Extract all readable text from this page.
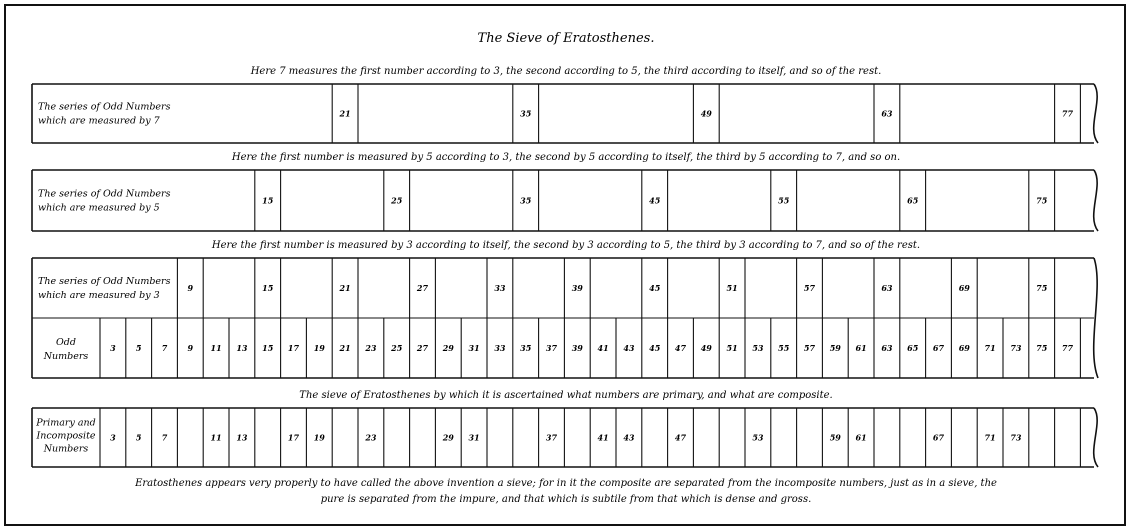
The Sieve of Eratosthenes.
Here 7 measures the first number according to 3, the second according to 5, the third according to itself, and so of the rest.
The series of Odd Numbers
which are measured by 7
21	35	49	63	77
Here the first number is measured by 5 according to 3, the second by 5 according to itself, the third by 5 according to 7, and so on.
The series of Odd Numbers
which are measured by 5
15	25	35	45	55	65	75
Here the first number is measured by 3 according to itself, the second by 3 according to 5, the third by 3 according to 7, and so of the rest.
The series of Odd Numbers
which are measured by 3
9	15	21	27	33	39	45	51	57	63	69	75
Odd
Numbers
3	5	7	9 11 13 15 17 19 21 23 25 27 29 31 33 35 37 39 41 43 45 47 49 51 53 55 57 59 61 63 65 67 69 71 73 75 77
The sieve of Eratosthenes by which it is ascertained what numbers are primary, and what are composite.
Primary and
Incomposite
Numbers
3	5	7	11 13	17 19	23	29 31	37	41 43	47	53	59 61	67	71 73
Eratosthenes appears very properly to have called the above invention a sieve; for in it the composite are separated from the incomposite numbers, just as in a sieve, the
pure is separated from the impure, and that which is subtile from that which is dense and gross.
